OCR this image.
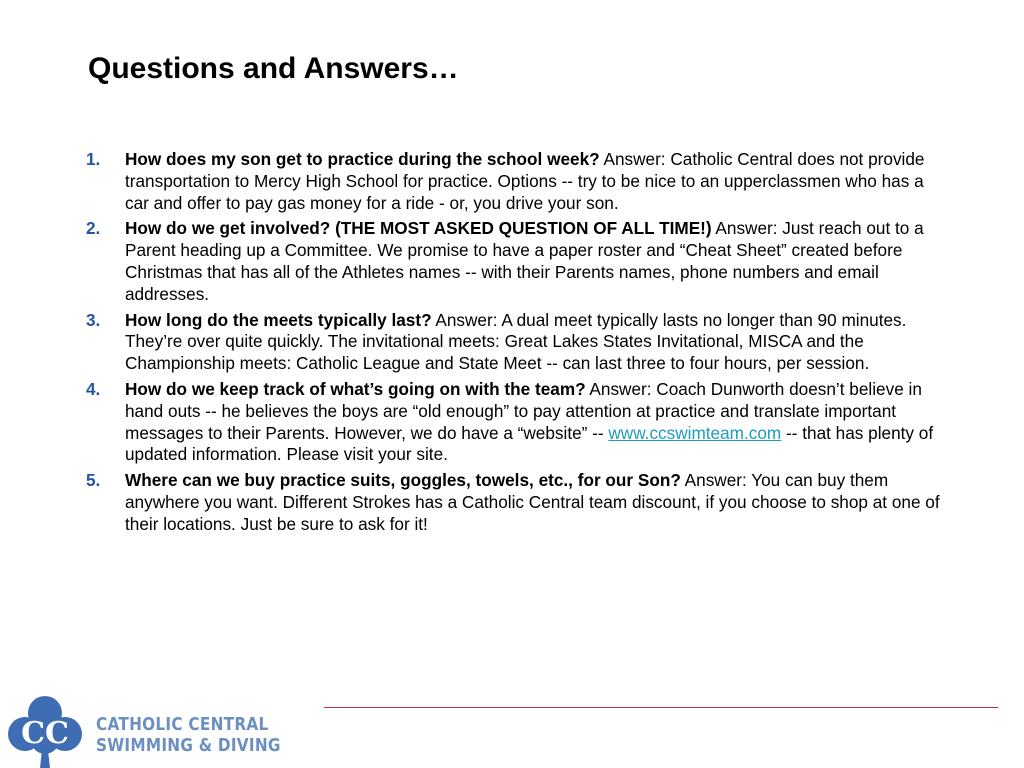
Questions and Answers…
1.	How does my son get to practice during the school week? Answer: Catholic Central does not provide transportation to Mercy High School for practice. Options -- try to be nice to an upperclassmen who has a car and offer to pay gas money for a ride - or, you drive your son.
2.	How do we get involved? (THE MOST ASKED QUESTION OF ALL TIME!) Answer: Just reach out to a Parent heading up a Committee. We promise to have a paper roster and “Cheat Sheet” created before Christmas that has all of the Athletes names -- with their Parents names, phone numbers and email addresses.
3.	How long do the meets typically last? Answer: A dual meet typically lasts no longer than 90 minutes. They’re over quite quickly. The invitational meets: Great Lakes States Invitational, MISCA and the Championship meets: Catholic League and State Meet -- can last three to four hours, per session.
4.	How do we keep track of what’s going on with the team? Answer: Coach Dunworth doesn’t believe in hand outs -- he believes the boys are “old enough” to pay attention at practice and translate important messages to their Parents. However, we do have a “website” -- www.ccswimteam.com -- that has plenty of updated information. Please visit your site.
5.	Where can we buy practice suits, goggles, towels, etc., for our Son? Answer: You can buy them anywhere you want. Different Strokes has a Catholic Central team discount, if you choose to shop at one of their locations. Just be sure to ask for it!
CC CATHOLIC CENTRAL
SWIMMING & DIVING
